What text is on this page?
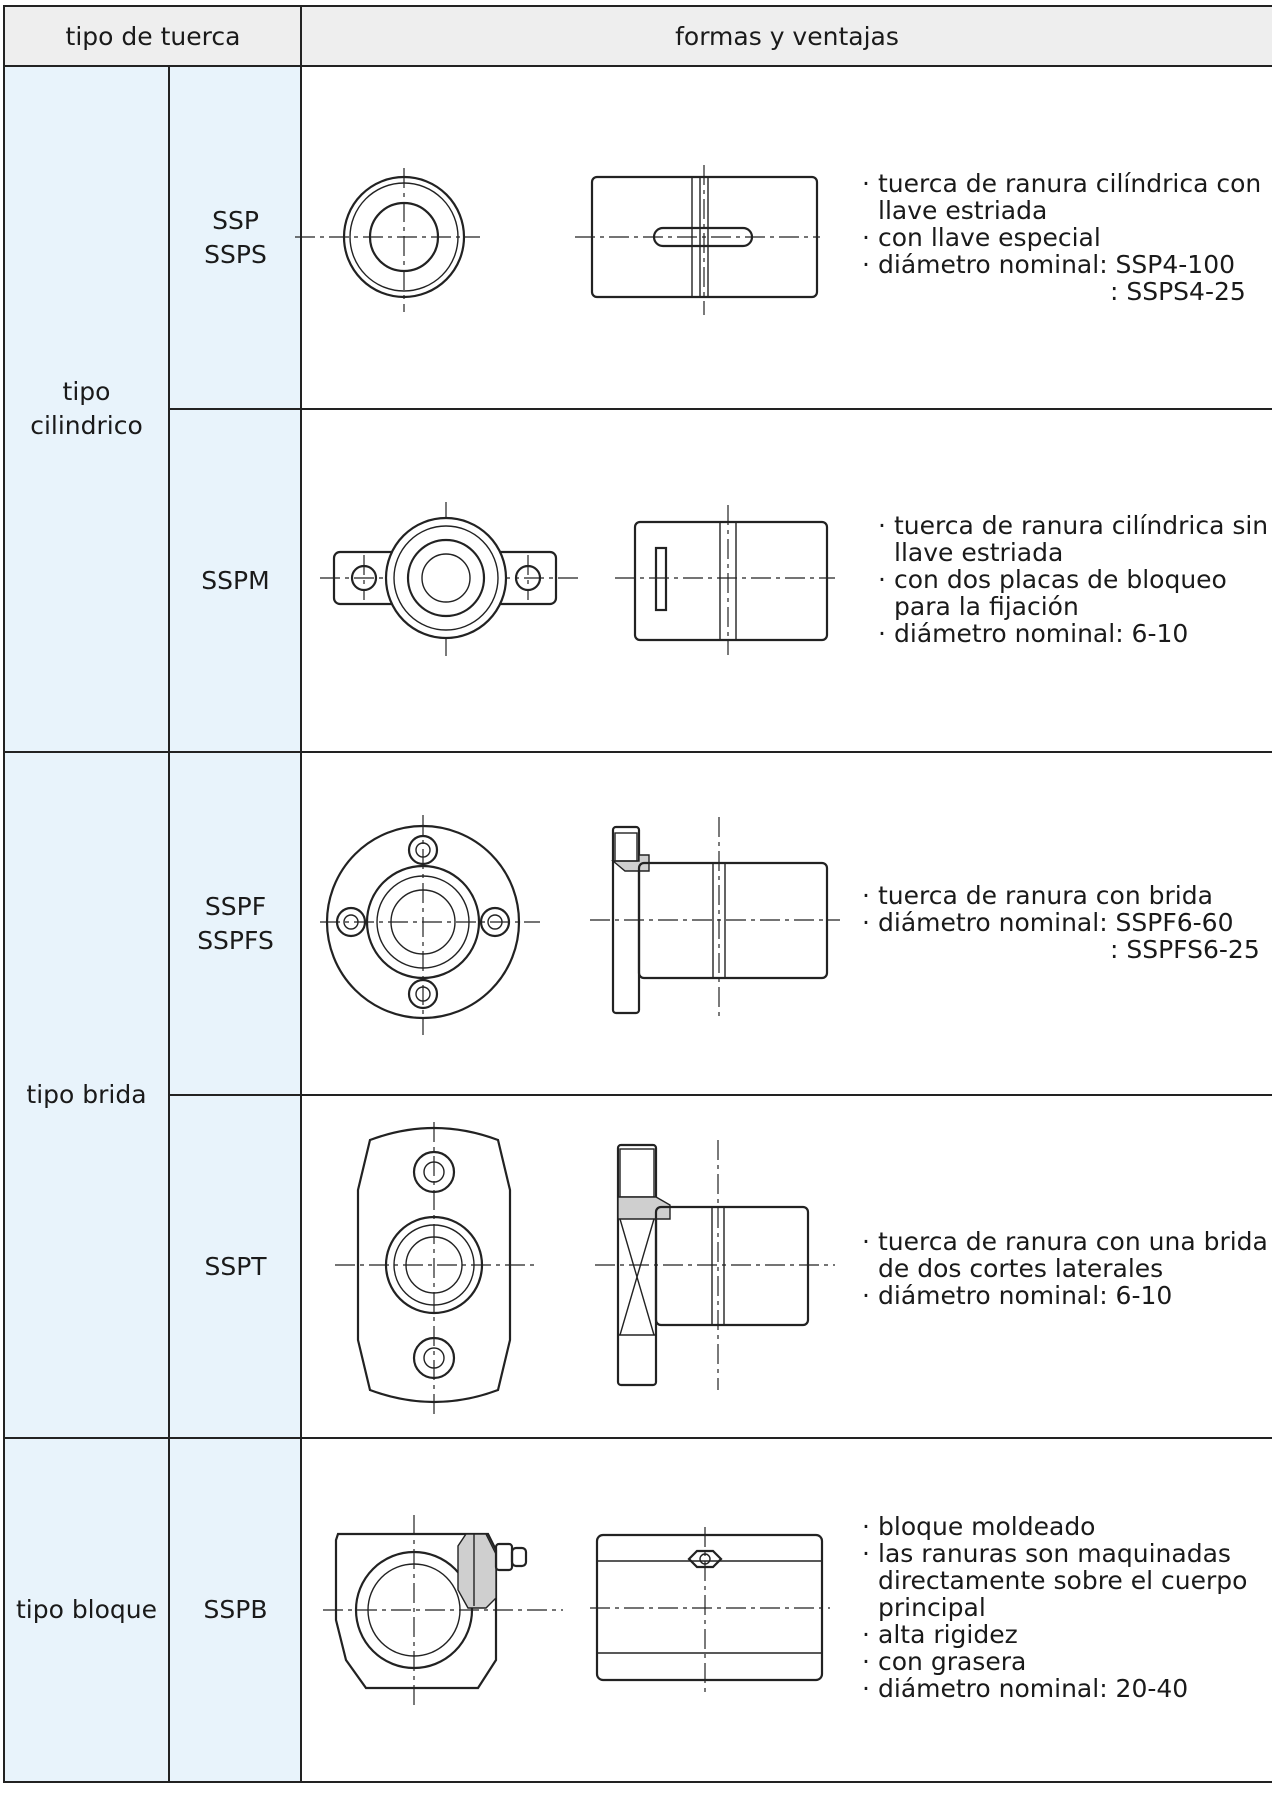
tipo de tuerca	formas y ventajas
tipo
cilindrico
tipo brida
tipo bloque
SSP
SSPS
SSPM
SSPF
SSPFS
SSPT
SSPB
· tuerca de ranura cilíndrica con
llave estriada
· con llave especial
· diámetro nominal: SSP4-100
: SSPS4-25
· tuerca de ranura cilíndrica sin
llave estriada
· con dos placas de bloqueo
para la fijación
· diámetro nominal: 6-10
· tuerca de ranura con brida
· diámetro nominal: SSPF6-60
: SSPFS6-25
· tuerca de ranura con una brida
de dos cortes laterales
· diámetro nominal: 6-10
· bloque moldeado
· las ranuras son maquinadas
directamente sobre el cuerpo
principal
· alta rigidez
· con grasera
· diámetro nominal: 20-40
